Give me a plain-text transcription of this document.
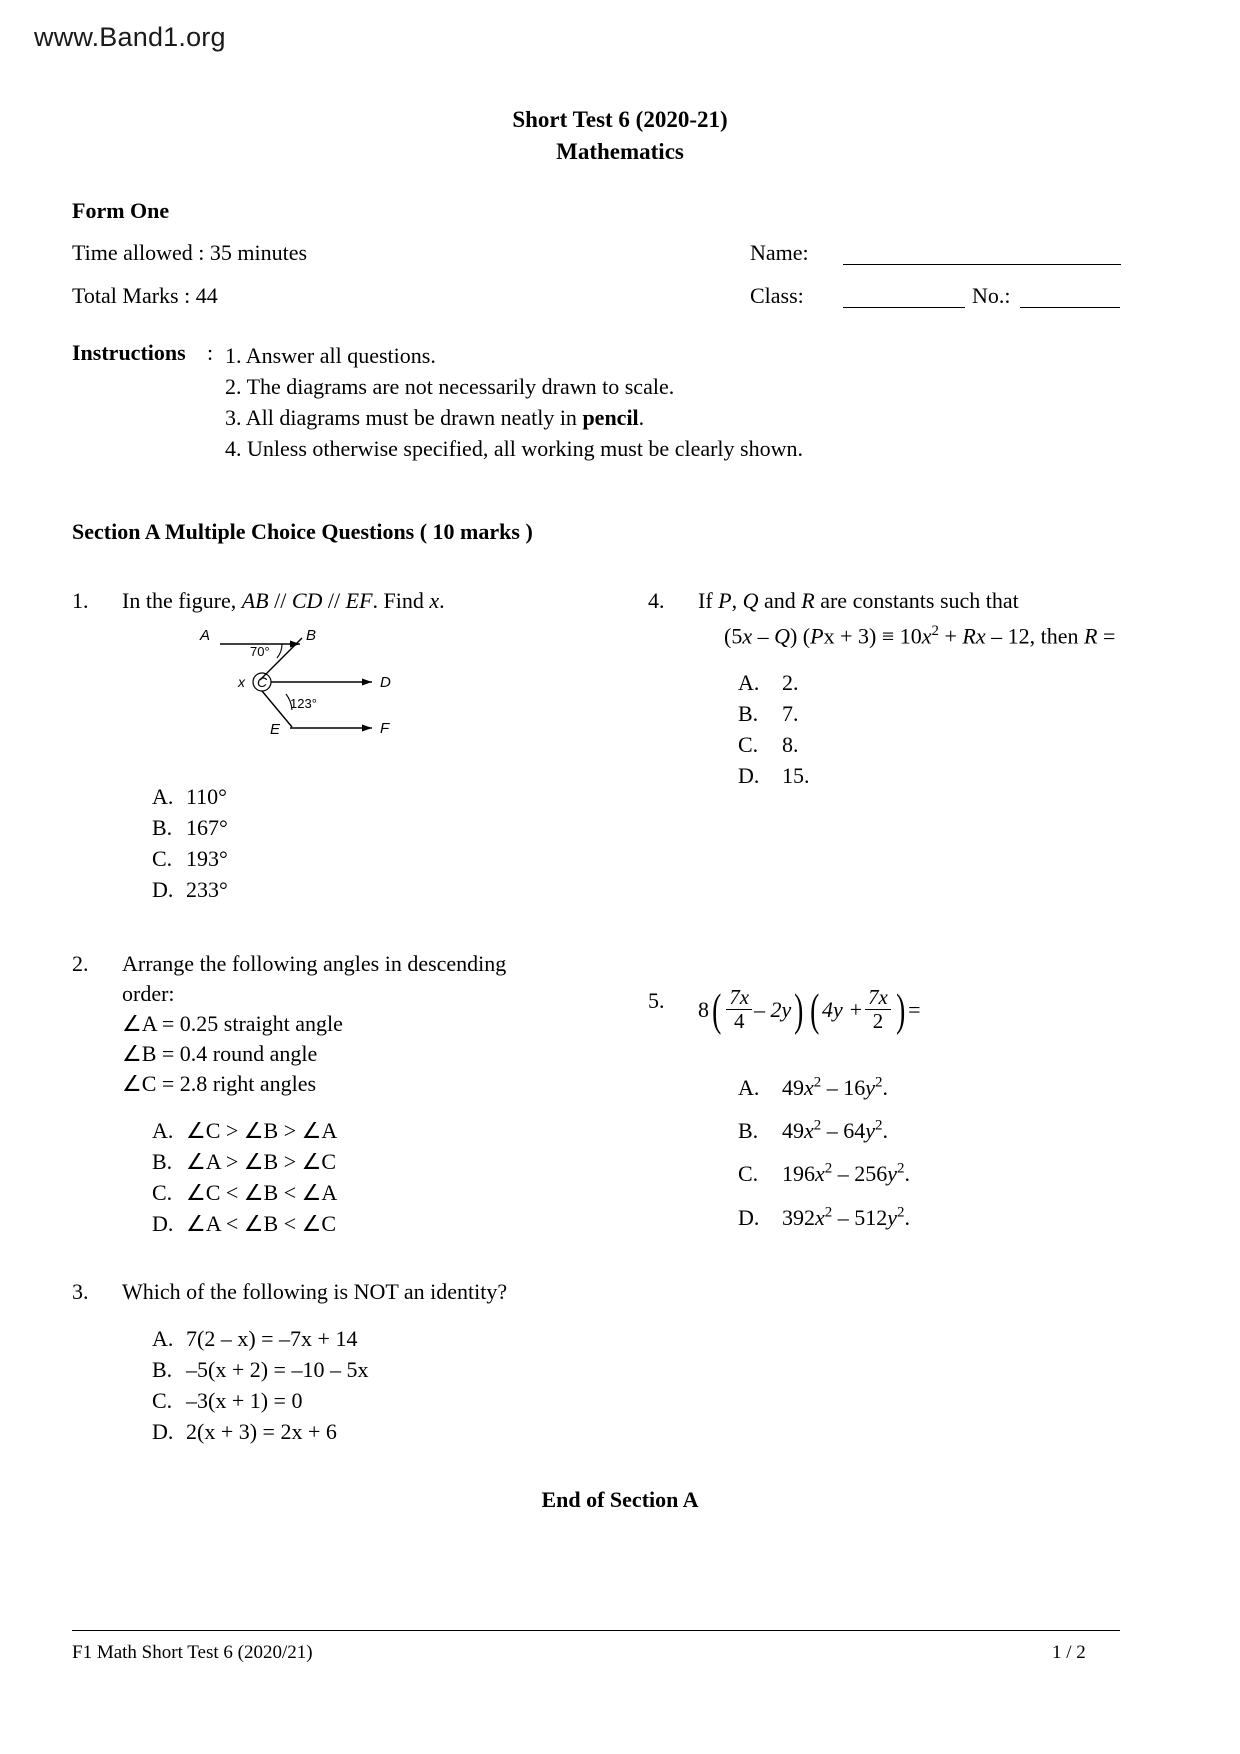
www.Band1.org
Short Test 6 (2020-21)
Mathematics
Form One
Time allowed : 35 minutes
Total Marks : 44
Name:
Class:	No.:
Instructions : 1. Answer all questions.
2. The diagrams are not necessarily drawn to scale.
3. All diagrams must be drawn neatly in pencil.
4. Unless otherwise specified, all working must be clearly shown.
Section A Multiple Choice Questions ( 10 marks )
1.	In the figure, AB // CD // EF. Find x.
A	B
70°
C
x	D
123°
E	F
A. 110°
B. 167°
C. 193°
D. 233°
2.	Arrange the following angles in descending
order:
∠A = 0.25 straight angle
∠B = 0.4 round angle
∠C = 2.8 right angles
A. ∠C > ∠B > ∠A
B. ∠A > ∠B > ∠C
C. ∠C < ∠B < ∠A
D. ∠A < ∠B < ∠C
3.	Which of the following is NOT an identity?
A. 7(2 – x) = –7x + 14
B. –5(x + 2) = –10 – 5x
C. –3(x + 1) = 0
D. 2(x + 3) = 2x + 6
4.	If P, Q and R are constants such that
(5x – Q) $(Px + 3) \equiv 10x^2 + Rx - 12$, then R =
A. 2.
B. 7.
C. 8.
D. 15.
5.	8 ( $\frac{7x}{4} - 2y$ ) ( $4y + \frac{7x}{2}$ ) =
A. $49x^2 - 16y^2$.
B. $49x^2 - 64y^2$.
C. $196x^2 - 256y^2$.
D. $392x^2 - 512y^2$.
End of Section A
F1 Math Short Test 6 (2020/21)	1 / 2
